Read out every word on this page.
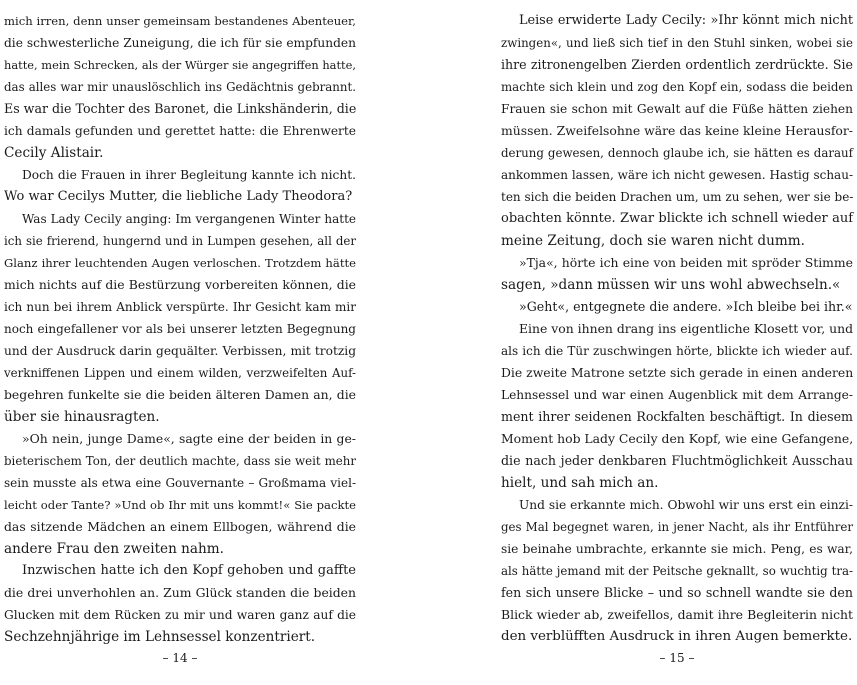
mich irren, denn unser gemeinsam bestandenes Abenteuer,
die schwesterliche Zuneigung, die ich für sie empfunden
hatte, mein Schrecken, als der Würger sie angegriffen hatte,
das alles war mir unauslöschlich ins Gedächtnis gebrannt.
Es war die Tochter des Baronet, die Linkshänderin, die
ich damals gefunden und gerettet hatte: die Ehrenwerte
Cecily Alistair.
Doch die Frauen in ihrer Begleitung kannte ich nicht.
Wo war Cecilys Mutter, die liebliche Lady Theodora?
Was Lady Cecily anging: Im vergangenen Winter hatte
ich sie frierend, hungernd und in Lumpen gesehen, all der
Glanz ihrer leuchtenden Augen verloschen. Trotzdem hätte
mich nichts auf die Bestürzung vorbereiten können, die
ich nun bei ihrem Anblick verspürte. Ihr Gesicht kam mir
noch eingefallener vor als bei unserer letzten Begegnung
und der Ausdruck darin gequälter. Verbissen, mit trotzig
verkniffenen Lippen und einem wilden, verzweifelten Auf-
begehren funkelte sie die beiden älteren Damen an, die
über sie hinausragten.
»Oh nein, junge Dame«, sagte eine der beiden in ge-
bieterischem Ton, der deutlich machte, dass sie weit mehr
sein musste als etwa eine Gouvernante – Großmama viel-
leicht oder Tante? »Und ob Ihr mit uns kommt!« Sie packte
das sitzende Mädchen an einem Ellbogen, während die
andere Frau den zweiten nahm.
Inzwischen hatte ich den Kopf gehoben und gaffte
die drei unverhohlen an. Zum Glück standen die beiden
Glucken mit dem Rücken zu mir und waren ganz auf die
Sechzehnjährige im Lehnsessel konzentriert.
– 14 –
Leise erwiderte Lady Cecily: »Ihr könnt mich nicht
zwingen«, und ließ sich tief in den Stuhl sinken, wobei sie
ihre zitronengelben Zierden ordentlich zerdrückte. Sie
machte sich klein und zog den Kopf ein, sodass die beiden
Frauen sie schon mit Gewalt auf die Füße hätten ziehen
müssen. Zweifelsohne wäre das keine kleine Herausfor-
derung gewesen, dennoch glaube ich, sie hätten es darauf
ankommen lassen, wäre ich nicht gewesen. Hastig schau-
ten sich die beiden Drachen um, um zu sehen, wer sie be-
obachten könnte. Zwar blickte ich schnell wieder auf
meine Zeitung, doch sie waren nicht dumm.
»Tja«, hörte ich eine von beiden mit spröder Stimme
sagen, »dann müssen wir uns wohl abwechseln.«
»Geht«, entgegnete die andere. »Ich bleibe bei ihr.«
Eine von ihnen drang ins eigentliche Klosett vor, und
als ich die Tür zuschwingen hörte, blickte ich wieder auf.
Die zweite Matrone setzte sich gerade in einen anderen
Lehnsessel und war einen Augenblick mit dem Arrange-
ment ihrer seidenen Rockfalten beschäftigt. In diesem
Moment hob Lady Cecily den Kopf, wie eine Gefangene,
die nach jeder denkbaren Fluchtmöglichkeit Ausschau
hielt, und sah mich an.
Und sie erkannte mich. Obwohl wir uns erst ein einzi-
ges Mal begegnet waren, in jener Nacht, als ihr Entführer
sie beinahe umbrachte, erkannte sie mich. Peng, es war,
als hätte jemand mit der Peitsche geknallt, so wuchtig tra-
fen sich unsere Blicke – und so schnell wandte sie den
Blick wieder ab, zweifellos, damit ihre Begleiterin nicht
den verblüfften Ausdruck in ihren Augen bemerkte.
– 15 –
